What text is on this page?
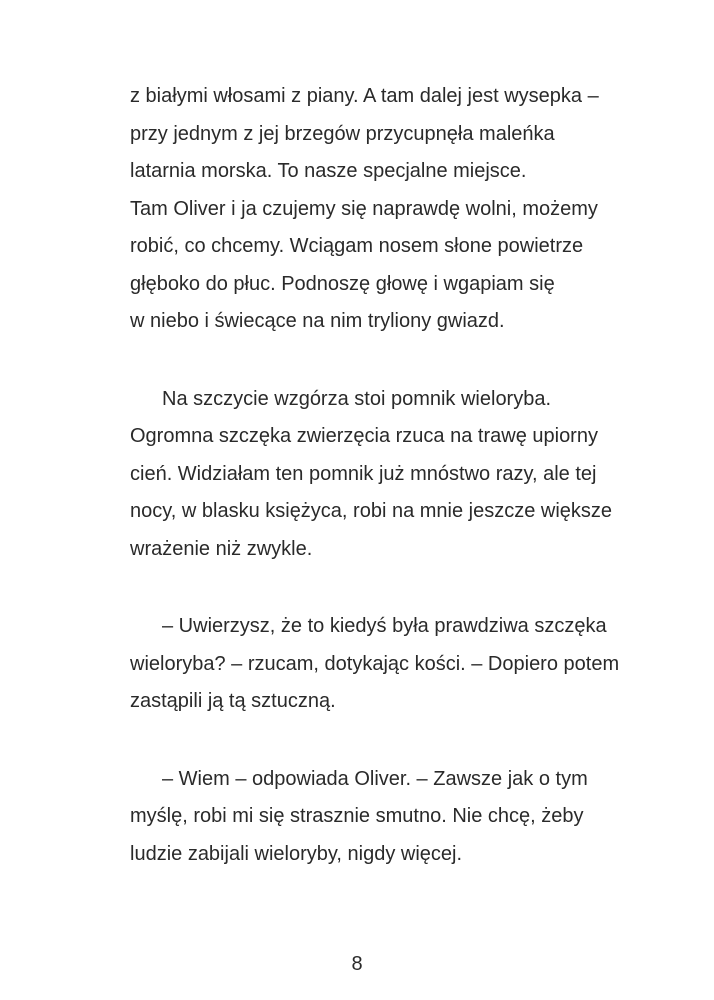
z białymi włosami z piany. A tam dalej jest wysepka –
przy jednym z jej brzegów przycupnęła maleńka
latarnia morska. To nasze specjalne miejsce.
Tam Oliver i ja czujemy się naprawdę wolni, możemy
robić, co chcemy. Wciągam nosem słone powietrze
głęboko do płuc. Podnoszę głowę i wgapiam się
w niebo i świecące na nim tryliony gwiazd.
Na szczycie wzgórza stoi pomnik wieloryba.
Ogromna szczęka zwierzęcia rzuca na trawę upiorny
cień. Widziałam ten pomnik już mnóstwo razy, ale tej
nocy, w blasku księżyca, robi na mnie jeszcze większe
wrażenie niż zwykle.
– Uwierzysz, że to kiedyś była prawdziwa szczęka
wieloryba? – rzucam, dotykając kości. – Dopiero potem
zastąpili ją tą sztuczną.
– Wiem – odpowiada Oliver. – Zawsze jak o tym
myślę, robi mi się strasznie smutno. Nie chcę, żeby
ludzie zabijali wieloryby, nigdy więcej.
8
